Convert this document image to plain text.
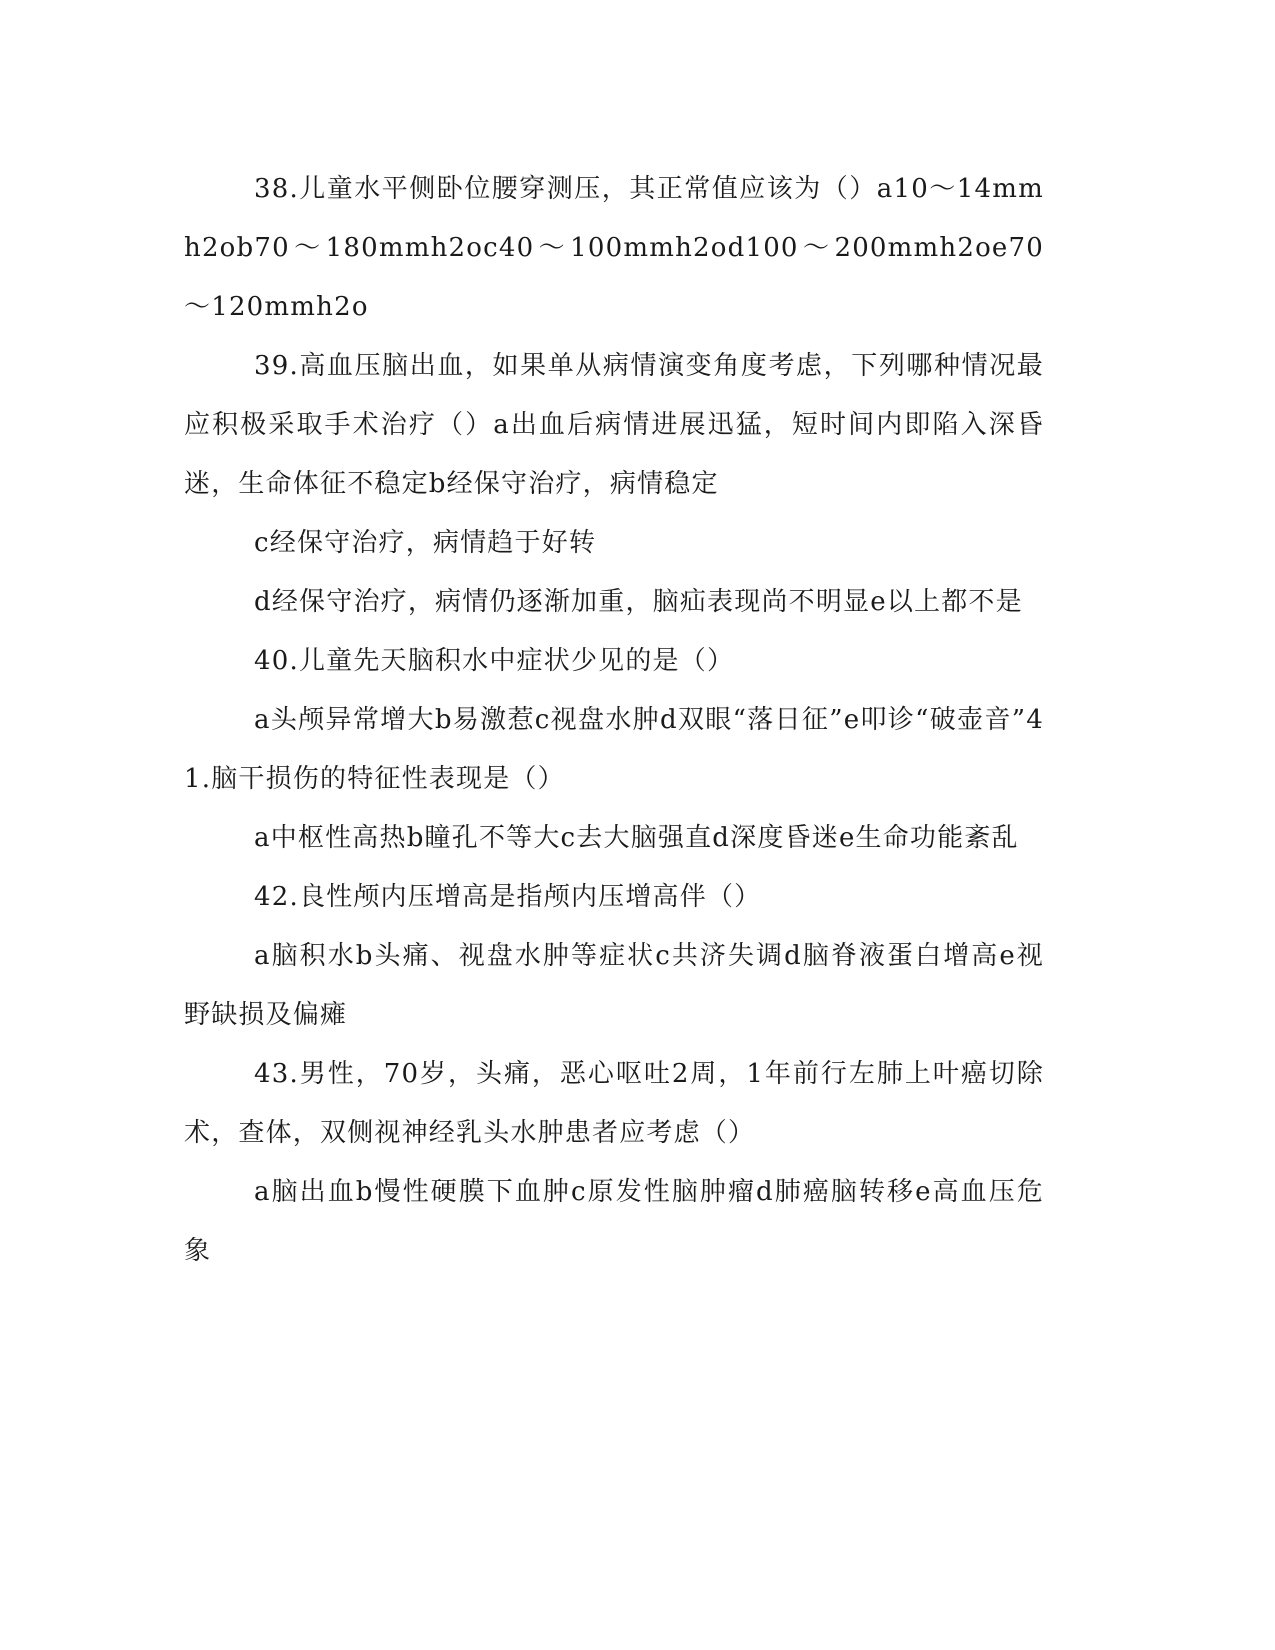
38.儿童水平侧卧位腰穿测压，其正常值应该为（）a10～14mmh2ob70～180mmh2oc40～100mmh2od100～200mmh2oe70～120mmh2o

39.高血压脑出血，如果单从病情演变角度考虑，下列哪种情况最应积极采取手术治疗（）a出血后病情进展迅猛，短时间内即陷入深昏迷，生命体征不稳定b经保守治疗，病情稳定

c经保守治疗，病情趋于好转

d经保守治疗，病情仍逐渐加重，脑疝表现尚不明显e以上都不是

40.儿童先天脑积水中症状少见的是（）

a头颅异常增大b易激惹c视盘水肿d双眼“落日征”e叩诊“破壶音”41.脑干损伤的特征性表现是（）

a中枢性高热b瞳孔不等大c去大脑强直d深度昏迷e生命功能紊乱

42.良性颅内压增高是指颅内压增高伴（）

a脑积水b头痛、视盘水肿等症状c共济失调d脑脊液蛋白增高e视野缺损及偏瘫

43.男性，70岁，头痛，恶心呕吐2周，1年前行左肺上叶癌切除术，查体，双侧视神经乳头水肿患者应考虑（）

a脑出血b慢性硬膜下血肿c原发性脑肿瘤d肺癌脑转移e高血压危象
